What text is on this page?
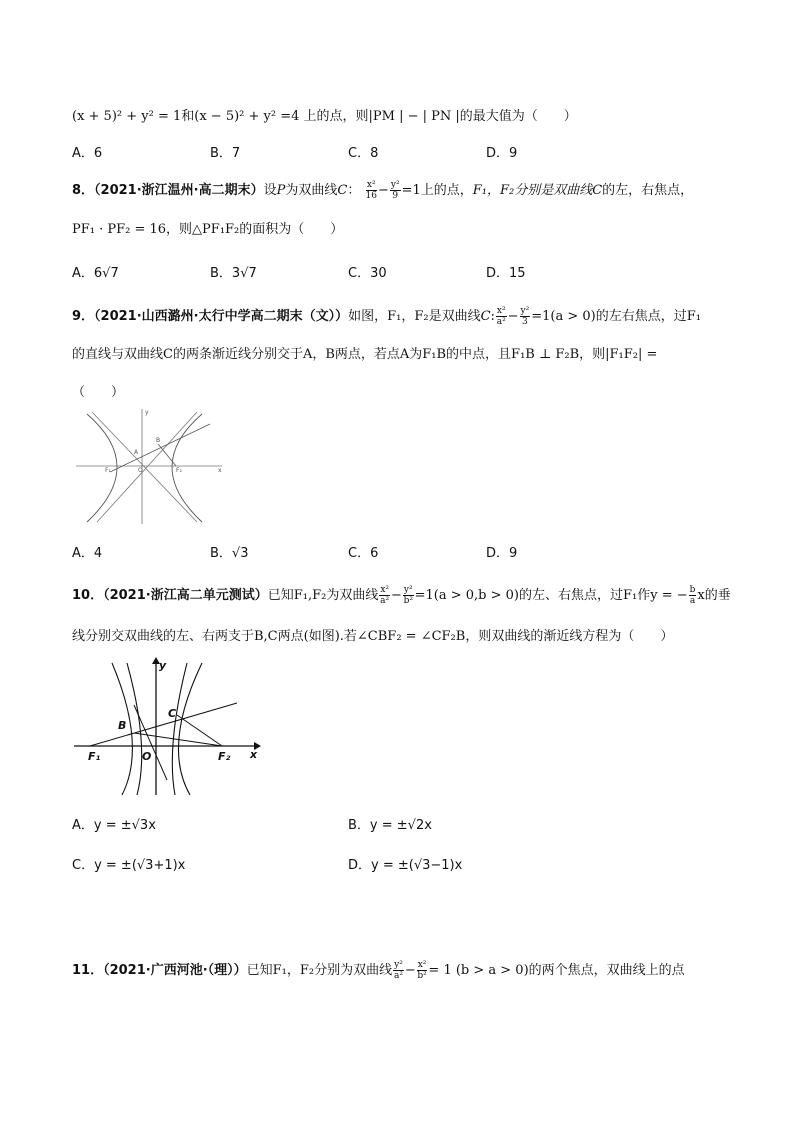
(x + 5)² + y² = 1和(x − 5)² + y² =4 上的点，则|PM | − | PN |的最大值为（　　）
A．6	B．7	C．8	D．9
8．（2021·浙江温州·高二期末）设P为双曲线C： $\frac{\text{x²}}{16} - \frac{\text{y²}}{9} =1$上的点，F₁，F₂分别是双曲线C的左，右焦点，
PF₁ · PF₂ = 16，则△PF₁F₂的面积为（　　）
A．6√7	B．3√7	C．30	D．15
9．（2021·山西潞州·太行中学高二期末（文））如图，F₁，F₂是双曲线C: $\frac{\text{x²}}{\text{a²}} - \frac{\text{y²}}{3} =1(a > 0)$的左右焦点，过F₁
的直线与双曲线C的两条渐近线分别交于A，B两点，若点A为F₁B的中点，且F₁B ⊥ F₂B，则|F₁F₂| =
（　　）
y
x
A
B
F₁	F₂
O
A．4	B．√3	C．6	D．9
10．（2021·浙江高二单元测试）已知F₁,F₂为双曲线 $\frac{\text{x²}}{\text{a²}} - \frac{\text{y²}}{\text{b²}} =1(a > 0,b > 0)$的左、右焦点，过F₁作y = − $\frac{b}{a}$ x的垂
线分别交双曲线的左、右两支于B,C两点(如图).若∠CBF₂ = ∠CF₂B，则双曲线的渐近线方程为（　　）
y
x
B
C
F₁	O	F₂
A．y = ±√3x	B．y = ±√2x
C．y = ±(√3+1)x	D．y = ±(√3−1)x
11．（2021·广西河池·（理））已知F₁，F₂分别为双曲线 $\frac{\text{y²}}{\text{a²}} - \frac{\text{x²}}{\text{b²}} = 1$ (b > a > 0)的两个焦点，双曲线上的点
